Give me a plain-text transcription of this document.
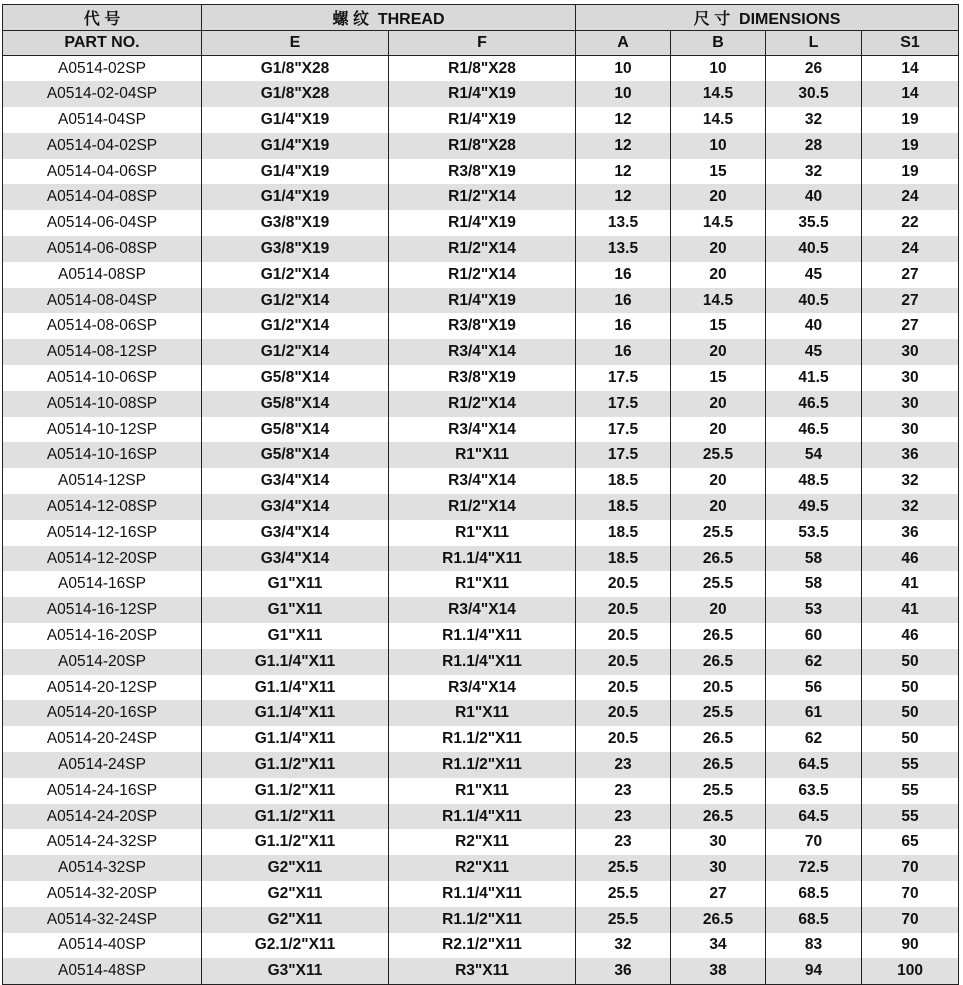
代 号	螺 纹 THREAD		尺 寸 DIMENSIONS			
PART NO.	E	F	A	B	L	S1
A0514-02SP	G1/8"X28	R1/8"X28	10	10	26	14
A0514-02-04SP	G1/8"X28	R1/4"X19	10	14.5	30.5	14
A0514-04SP	G1/4"X19	R1/4"X19	12	14.5	32	19
A0514-04-02SP	G1/4"X19	R1/8"X28	12	10	28	19
A0514-04-06SP	G1/4"X19	R3/8"X19	12	15	32	19
A0514-04-08SP	G1/4"X19	R1/2"X14	12	20	40	24
A0514-06-04SP	G3/8"X19	R1/4"X19	13.5	14.5	35.5	22
A0514-06-08SP	G3/8"X19	R1/2"X14	13.5	20	40.5	24
A0514-08SP	G1/2"X14	R1/2"X14	16	20	45	27
A0514-08-04SP	G1/2"X14	R1/4"X19	16	14.5	40.5	27
A0514-08-06SP	G1/2"X14	R3/8"X19	16	15	40	27
A0514-08-12SP	G1/2"X14	R3/4"X14	16	20	45	30
A0514-10-06SP	G5/8"X14	R3/8"X19	17.5	15	41.5	30
A0514-10-08SP	G5/8"X14	R1/2"X14	17.5	20	46.5	30
A0514-10-12SP	G5/8"X14	R3/4"X14	17.5	20	46.5	30
A0514-10-16SP	G5/8"X14	R1"X11	17.5	25.5	54	36
A0514-12SP	G3/4"X14	R3/4"X14	18.5	20	48.5	32
A0514-12-08SP	G3/4"X14	R1/2"X14	18.5	20	49.5	32
A0514-12-16SP	G3/4"X14	R1"X11	18.5	25.5	53.5	36
A0514-12-20SP	G3/4"X14	R1.1/4"X11	18.5	26.5	58	46
A0514-16SP	G1"X11	R1"X11	20.5	25.5	58	41
A0514-16-12SP	G1"X11	R3/4"X14	20.5	20	53	41
A0514-16-20SP	G1"X11	R1.1/4"X11	20.5	26.5	60	46
A0514-20SP	G1.1/4"X11	R1.1/4"X11	20.5	26.5	62	50
A0514-20-12SP	G1.1/4"X11	R3/4"X14	20.5	20.5	56	50
A0514-20-16SP	G1.1/4"X11	R1"X11	20.5	25.5	61	50
A0514-20-24SP	G1.1/4"X11	R1.1/2"X11	20.5	26.5	62	50
A0514-24SP	G1.1/2"X11	R1.1/2"X11	23	26.5	64.5	55
A0514-24-16SP	G1.1/2"X11	R1"X11	23	25.5	63.5	55
A0514-24-20SP	G1.1/2"X11	R1.1/4"X11	23	26.5	64.5	55
A0514-24-32SP	G1.1/2"X11	R2"X11	23	30	70	65
A0514-32SP	G2"X11	R2"X11	25.5	30	72.5	70
A0514-32-20SP	G2"X11	R1.1/4"X11	25.5	27	68.5	70
A0514-32-24SP	G2"X11	R1.1/2"X11	25.5	26.5	68.5	70
A0514-40SP	G2.1/2"X11	R2.1/2"X11	32	34	83	90
A0514-48SP	G3"X11	R3"X11	36	38	94	100
